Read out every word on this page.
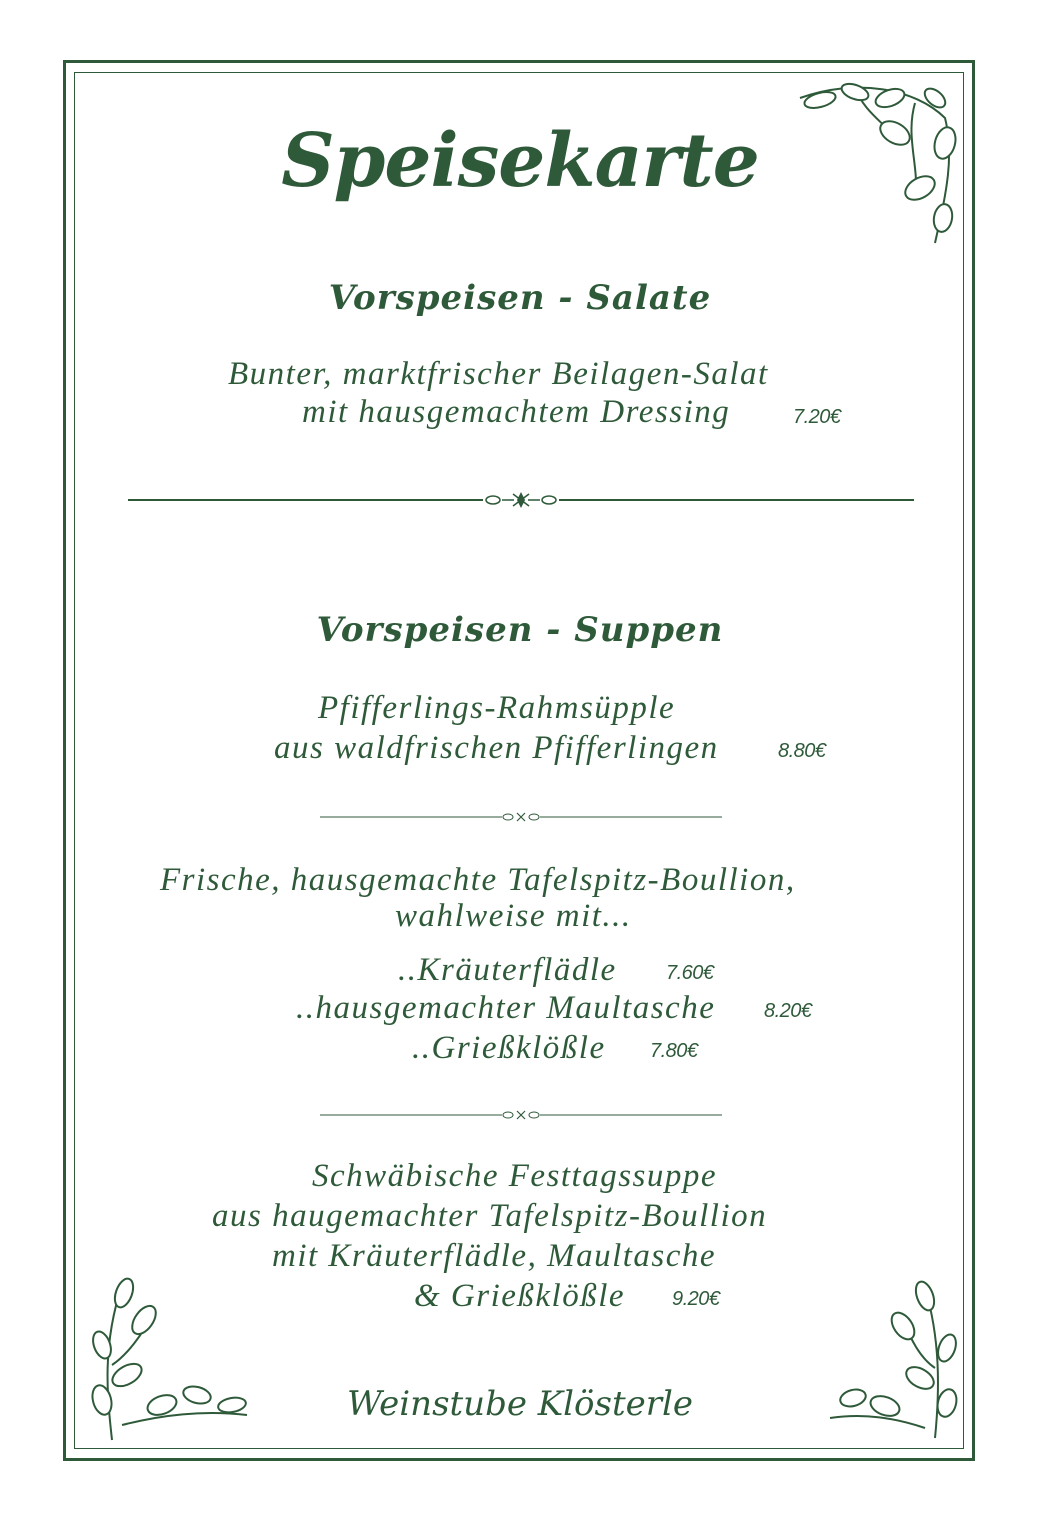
Speisekarte
Vorspeisen - Salate

Bunter, marktfrischer Beilagen-Salat

mit hausgemachtem Dressing	7.20€
Vorspeisen - Suppen

Pfifferlings-Rahmsüpple

aus waldfrischen Pfifferlingen	8.80€

Frische, hausgemachte Tafelspitz-Boullion,

wahlweise mit...

..Kräuterflädle 7.60€

..hausgemachter Maultasche 8.20€

..Grießklößle 7.80€

Schwäbische Festtagssuppe

aus haugemachter Tafelspitz-Boullion

mit Kräuterflädle, Maultasche

& Grießklößle 9.20€

Weinstube Klösterle
